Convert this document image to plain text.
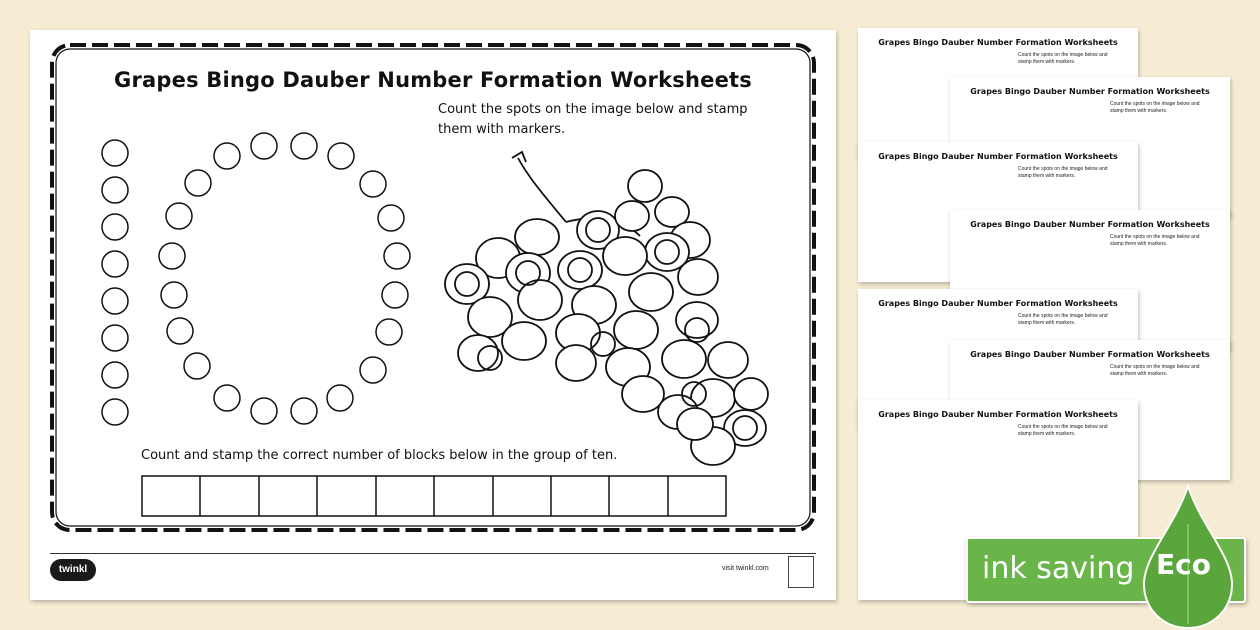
Grapes Bingo Dauber Number Formation Worksheets
Count the spots on the image below and stamp them with markers.
Count and stamp the correct number of blocks below in the group of ten.
twinkl	visit twinkl.com
Grapes Bingo Dauber Number Formation Worksheets
Count the spots on the image below and stamp them with markers.
Grapes Bingo Dauber Number Formation Worksheets
Count the spots on the image below and stamp them with markers.
Grapes Bingo Dauber Number Formation Worksheets
Count the spots on the image below and stamp them with markers.
Grapes Bingo Dauber Number Formation Worksheets
Count the spots on the image below and stamp them with markers.
Grapes Bingo Dauber Number Formation Worksheets
Count the spots on the image below and stamp them with markers.
Grapes Bingo Dauber Number Formation Worksheets
Count the spots on the image below and stamp them with markers.
Grapes Bingo Dauber Number Formation Worksheets
Count the spots on the image below and stamp them with markers.
ink saving Eco
